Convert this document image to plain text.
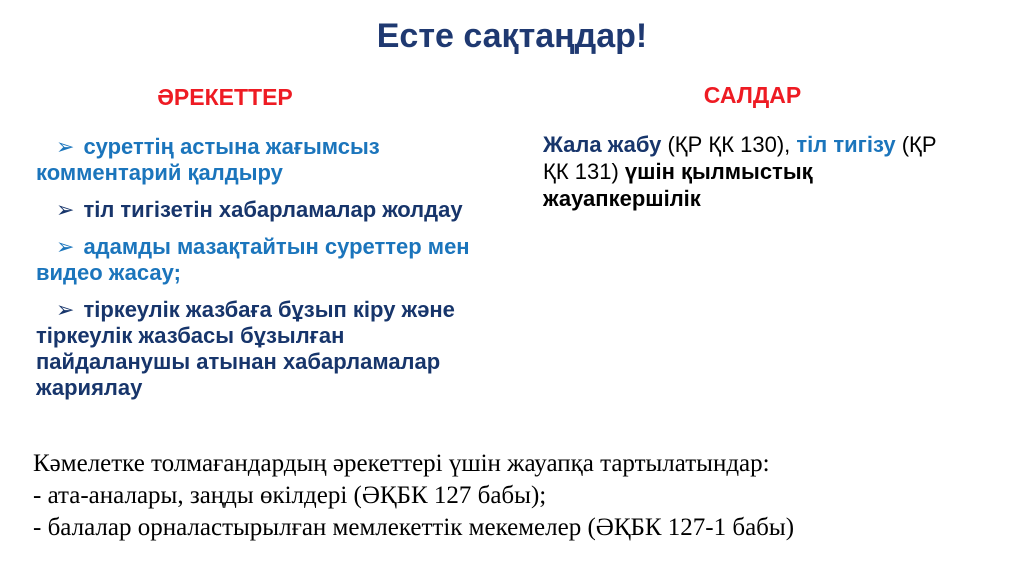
Есте сақтаңдар!
ӘРЕКЕТТЕР	САЛДАР

➢ суреттің астына жағымсыз комментарий қалдыру

➢ тіл тигізетін хабарламалар жолдау

➢ адамды мазақтайтын суреттер мен видео жасау;

➢ тіркеулік жазбаға бұзып кіру және тіркеулік жазбасы бұзылған пайдаланушы атынан хабарламалар жариялау

Жала жабу (ҚР ҚК 130), тіл тигізу (ҚР ҚК 131) үшін қылмыстық жауапкершілік
Кәмелетке толмағандардың әрекеттері үшін жауапқа тартылатындар:
- ата-аналары, заңды өкілдері (ӘҚБК 127 бабы);
- балалар орналастырылған мемлекеттік мекемелер (ӘҚБК 127-1 бабы)
